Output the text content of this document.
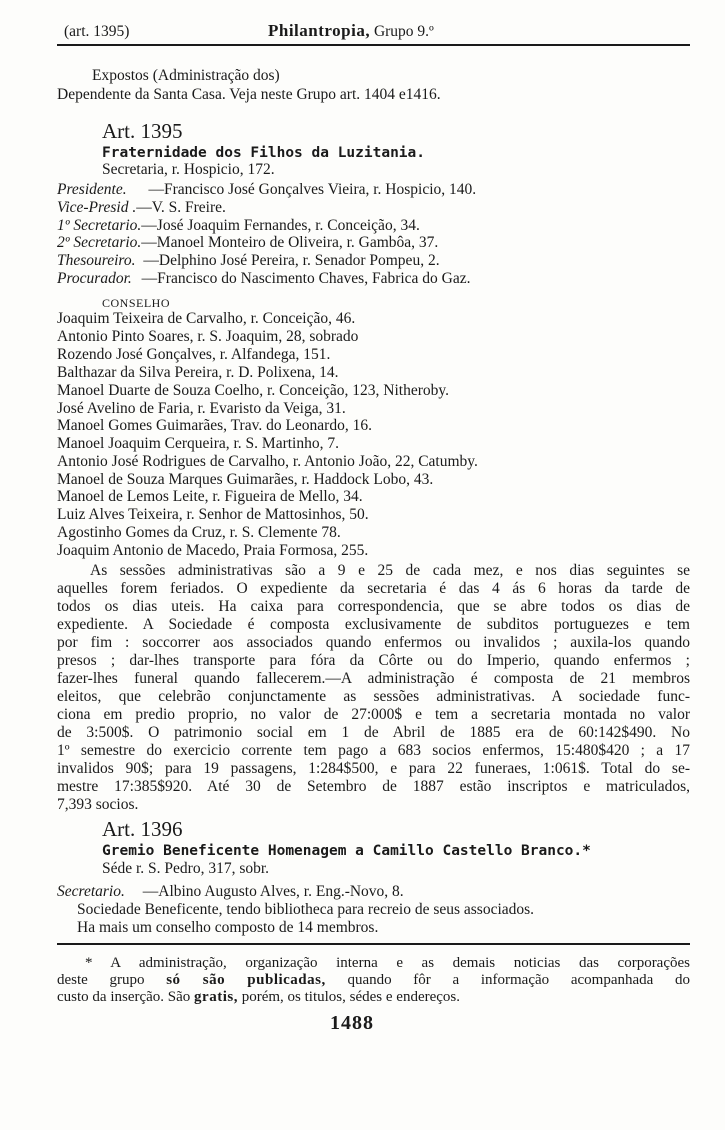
(art. 1395)	Philantropia, Grupo 9.º
Expostos (Administração dos)
Dependente da Santa Casa. Veja neste Grupo art. 1404 e1416.
Art. 1395
Fraternidade dos Filhos da Luzitania.
Secretaria, r. Hospicio, 172.
Presidente. —Francisco José Gonçalves Vieira, r. Hospicio, 140.
Vice-Presid .—V. S. Freire.
1º Secretario.—José Joaquim Fernandes, r. Conceição, 34.
2º Secretario.—Manoel Monteiro de Oliveira, r. Gambôa, 37.
Thesoureiro. —Delphino José Pereira, r. Senador Pompeu, 2.
Procurador. —Francisco do Nascimento Chaves, Fabrica do Gaz.
CONSELHO
Joaquim Teixeira de Carvalho, r. Conceição, 46.
Antonio Pinto Soares, r. S. Joaquim, 28, sobrado
Rozendo José Gonçalves, r. Alfandega, 151.
Balthazar da Silva Pereira, r. D. Polixena, 14.
Manoel Duarte de Souza Coelho, r. Conceição, 123, Nitheroby.
José Avelino de Faria, r. Evaristo da Veiga, 31.
Manoel Gomes Guimarães, Trav. do Leonardo, 16.
Manoel Joaquim Cerqueira, r. S. Martinho, 7.
Antonio José Rodrigues de Carvalho, r. Antonio João, 22, Catumby.
Manoel de Souza Marques Guimarães, r. Haddock Lobo, 43.
Manoel de Lemos Leite, r. Figueira de Mello, 34.
Luiz Alves Teixeira, r. Senhor de Mattosinhos, 50.
Agostinho Gomes da Cruz, r. S. Clemente 78.
Joaquim Antonio de Macedo, Praia Formosa, 255.
As sessões administrativas são a 9 e 25 de cada mez, e nos dias seguintes se
aquelles forem feriados. O expediente da secretaria é das 4 ás 6 horas da tarde de
todos os dias uteis. Ha caixa para correspondencia, que se abre todos os dias de
expediente. A Sociedade é composta exclusivamente de subditos portuguezes e tem
por fim : soccorrer aos associados quando enfermos ou invalidos ; auxila-los quando
presos ; dar-lhes transporte para fóra da Côrte ou do Imperio, quando enfermos ;
fazer-lhes funeral quando fallecerem.—A administração é composta de 21 membros
eleitos, que celebrão conjunctamente as sessões administrativas. A sociedade func-
ciona em predio proprio, no valor de 27:000$ e tem a secretaria montada no valor
de 3:500$. O patrimonio social em 1 de Abril de 1885 era de 60:142$490. No
1º semestre do exercicio corrente tem pago a 683 socios enfermos, 15:480$420 ; a 17
invalidos 90$; para 19 passagens, 1:284$500, e para 22 funeraes, 1:061$. Total do se-
mestre 17:385$920. Até 30 de Setembro de 1887 estão inscriptos e matriculados,
7,393 socios.
Art. 1396
Gremio Beneficente Homenagem a Camillo Castello Branco.*
Séde r. S. Pedro, 317, sobr.
Secretario. —Albino Augusto Alves, r. Eng.-Novo, 8.
Sociedade Beneficente, tendo bibliotheca para recreio de seus associados.
Ha mais um conselho composto de 14 membros.
* A administração, organização interna e as demais noticias das corporações
deste grupo só são publicadas, quando fôr a informação acompanhada do
custo da inserção. São gratis, porém, os titulos, sédes e endereços.
1488
